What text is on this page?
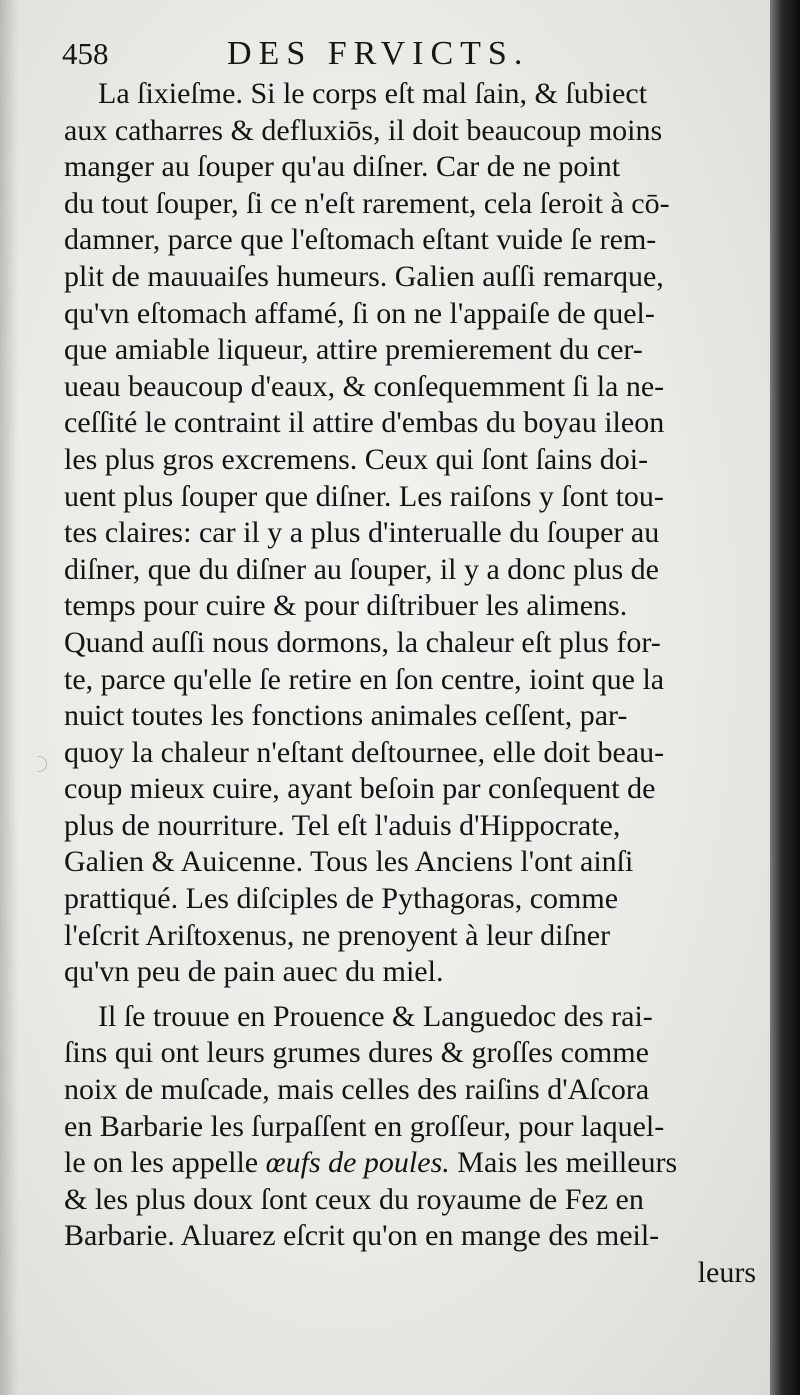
458	DES FRVICTS.
La ſixieſme. Si le corps eſt mal ſain, & ſubiect
aux catharres & defluxiōs, il doit beaucoup moins
manger au ſouper qu'au diſner. Car de ne point
du tout ſouper, ſi ce n'eſt rarement, cela ſeroit à cō-
damner, parce que l'eſtomach eſtant vuide ſe rem-
plit de mauuaiſes humeurs. Galien auſſi remarque,
qu'vn eſtomach affamé, ſi on ne l'appaiſe de quel-
que amiable liqueur, attire premierement du cer-
ueau beaucoup d'eaux, & conſequemment ſi la ne-
ceſſité le contraint il attire d'embas du boyau ileon
les plus gros excremens. Ceux qui ſont ſains doi-
uent plus ſouper que diſner. Les raiſons y ſont tou-
tes claires: car il y a plus d'interualle du ſouper au
diſner, que du diſner au ſouper, il y a donc plus de
temps pour cuire & pour diſtribuer les alimens.
Quand auſſi nous dormons, la chaleur eſt plus for-
te, parce qu'elle ſe retire en ſon centre, ioint que la
nuict toutes les fonctions animales ceſſent, par-
quoy la chaleur n'eſtant deſtournee, elle doit beau-
coup mieux cuire, ayant beſoin par conſequent de
plus de nourriture. Tel eſt l'aduis d'Hippocrate,
Galien & Auicenne. Tous les Anciens l'ont ainſi
prattiqué. Les diſciples de Pythagoras, comme
l'eſcrit Ariſtoxenus, ne prenoyent à leur diſner
qu'vn peu de pain auec du miel.
Il ſe trouue en Prouence & Languedoc des rai-
ſins qui ont leurs grumes dures & groſſes comme
noix de muſcade, mais celles des raiſins d'Aſcora
en Barbarie les ſurpaſſent en groſſeur, pour laquel-
le on les appelle œufs de poules. Mais les meilleurs
& les plus doux ſont ceux du royaume de Fez en
Barbarie. Aluarez eſcrit qu'on en mange des meil-
leurs
